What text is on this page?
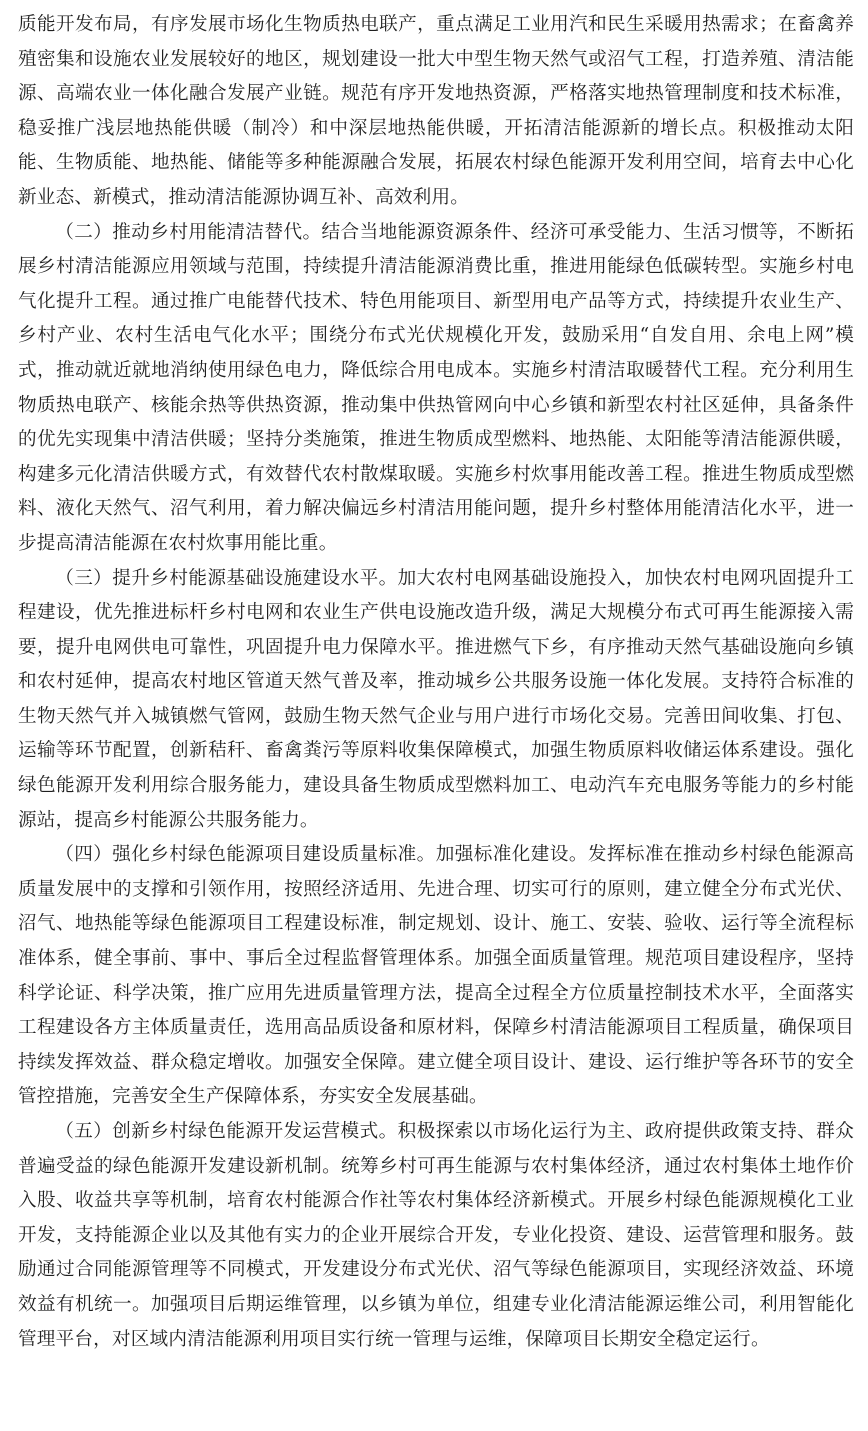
质能开发布局，有序发展市场化生物质热电联产，重点满足工业用汽和民生采暖用热需求；在畜禽养殖密集和设施农业发展较好的地区，规划建设一批大中型生物天然气或沼气工程，打造养殖、清洁能源、高端农业一体化融合发展产业链。规范有序开发地热资源，严格落实地热管理制度和技术标准，稳妥推广浅层地热能供暖（制冷）和中深层地热能供暖，开拓清洁能源新的增长点。积极推动太阳能、生物质能、地热能、储能等多种能源融合发展，拓展农村绿色能源开发利用空间，培育去中心化新业态、新模式，推动清洁能源协调互补、高效利用。

（二）推动乡村用能清洁替代。结合当地能源资源条件、经济可承受能力、生活习惯等，不断拓展乡村清洁能源应用领域与范围，持续提升清洁能源消费比重，推进用能绿色低碳转型。实施乡村电气化提升工程。通过推广电能替代技术、特色用能项目、新型用电产品等方式，持续提升农业生产、乡村产业、农村生活电气化水平；围绕分布式光伏规模化开发，鼓励采用“自发自用、余电上网”模式，推动就近就地消纳使用绿色电力，降低综合用电成本。实施乡村清洁取暖替代工程。充分利用生物质热电联产、核能余热等供热资源，推动集中供热管网向中心乡镇和新型农村社区延伸，具备条件的优先实现集中清洁供暖；坚持分类施策，推进生物质成型燃料、地热能、太阳能等清洁能源供暖，构建多元化清洁供暖方式，有效替代农村散煤取暖。实施乡村炊事用能改善工程。推进生物质成型燃料、液化天然气、沼气利用，着力解决偏远乡村清洁用能问题，提升乡村整体用能清洁化水平，进一步提高清洁能源在农村炊事用能比重。

（三）提升乡村能源基础设施建设水平。加大农村电网基础设施投入，加快农村电网巩固提升工程建设，优先推进标杆乡村电网和农业生产供电设施改造升级，满足大规模分布式可再生能源接入需要，提升电网供电可靠性，巩固提升电力保障水平。推进燃气下乡，有序推动天然气基础设施向乡镇和农村延伸，提高农村地区管道天然气普及率，推动城乡公共服务设施一体化发展。支持符合标准的生物天然气并入城镇燃气管网，鼓励生物天然气企业与用户进行市场化交易。完善田间收集、打包、运输等环节配置，创新秸秆、畜禽粪污等原料收集保障模式，加强生物质原料收储运体系建设。强化绿色能源开发利用综合服务能力，建设具备生物质成型燃料加工、电动汽车充电服务等能力的乡村能源站，提高乡村能源公共服务能力。

（四）强化乡村绿色能源项目建设质量标准。加强标准化建设。发挥标准在推动乡村绿色能源高质量发展中的支撑和引领作用，按照经济适用、先进合理、切实可行的原则，建立健全分布式光伏、沼气、地热能等绿色能源项目工程建设标准，制定规划、设计、施工、安装、验收、运行等全流程标准体系，健全事前、事中、事后全过程监督管理体系。加强全面质量管理。规范项目建设程序，坚持科学论证、科学决策，推广应用先进质量管理方法，提高全过程全方位质量控制技术水平，全面落实工程建设各方主体质量责任，选用高品质设备和原材料，保障乡村清洁能源项目工程质量，确保项目持续发挥效益、群众稳定增收。加强安全保障。建立健全项目设计、建设、运行维护等各环节的安全管控措施，完善安全生产保障体系，夯实安全发展基础。

（五）创新乡村绿色能源开发运营模式。积极探索以市场化运行为主、政府提供政策支持、群众普遍受益的绿色能源开发建设新机制。统筹乡村可再生能源与农村集体经济，通过农村集体土地作价入股、收益共享等机制，培育农村能源合作社等农村集体经济新模式。开展乡村绿色能源规模化工业开发，支持能源企业以及其他有实力的企业开展综合开发，专业化投资、建设、运营管理和服务。鼓励通过合同能源管理等不同模式，开发建设分布式光伏、沼气等绿色能源项目，实现经济效益、环境效益有机统一。加强项目后期运维管理，以乡镇为单位，组建专业化清洁能源运维公司，利用智能化管理平台，对区域内清洁能源利用项目实行统一管理与运维，保障项目长期安全稳定运行。
